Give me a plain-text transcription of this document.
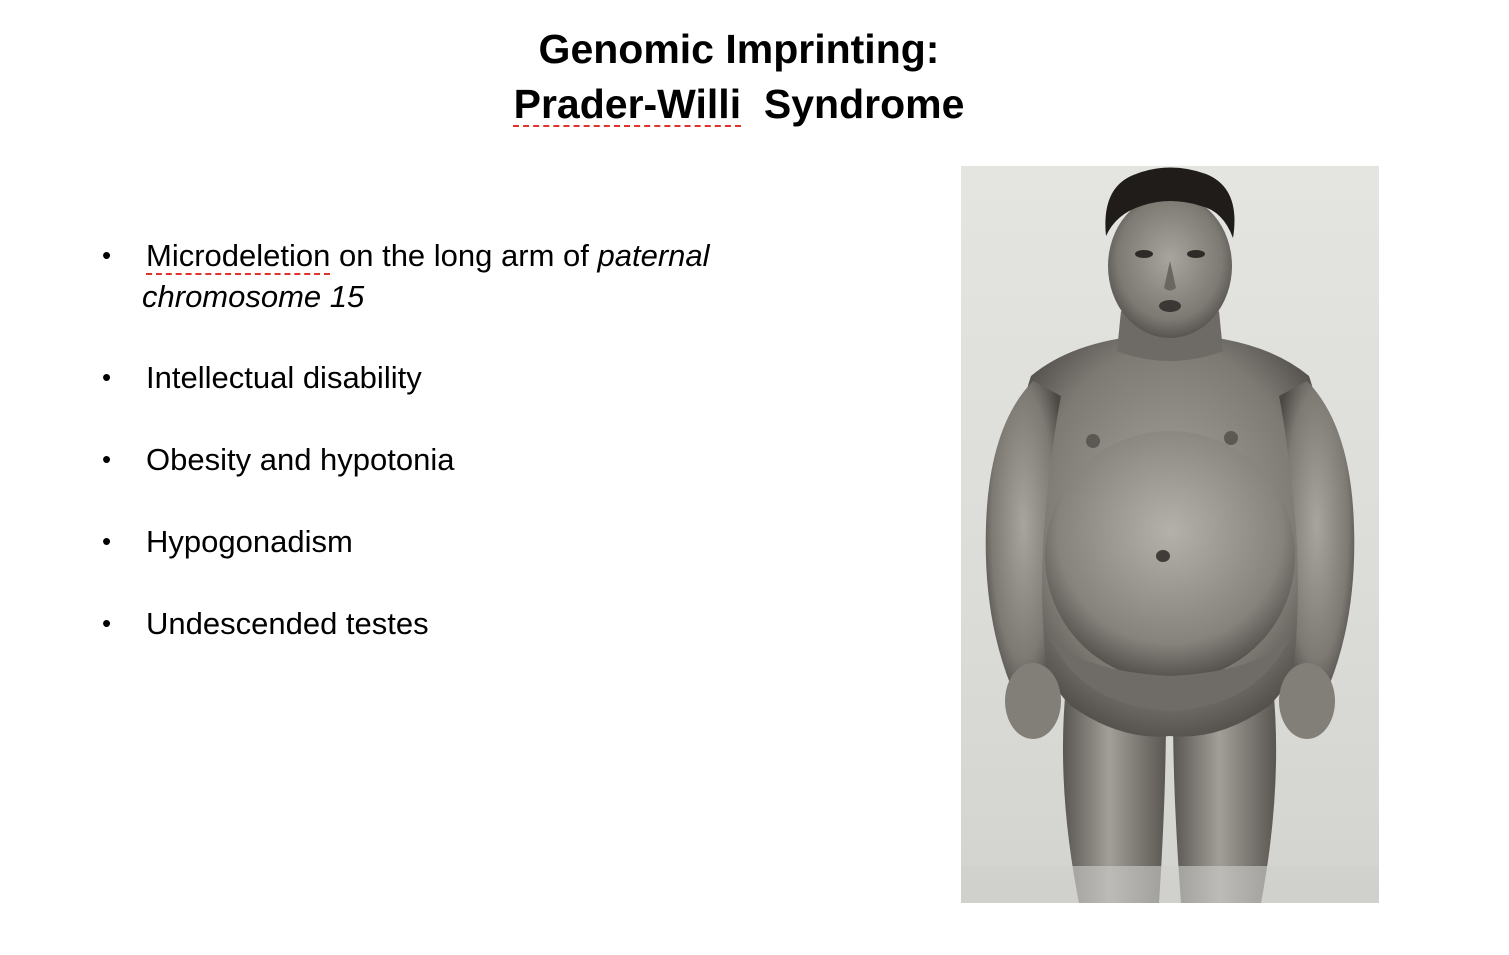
Genomic Imprinting:
Prader-Willi  Syndrome
• Microdeletion on the long arm of paternal
chromosome 15
• Intellectual disability
• Obesity and hypotonia
• Hypogonadism
• Undescended testes
